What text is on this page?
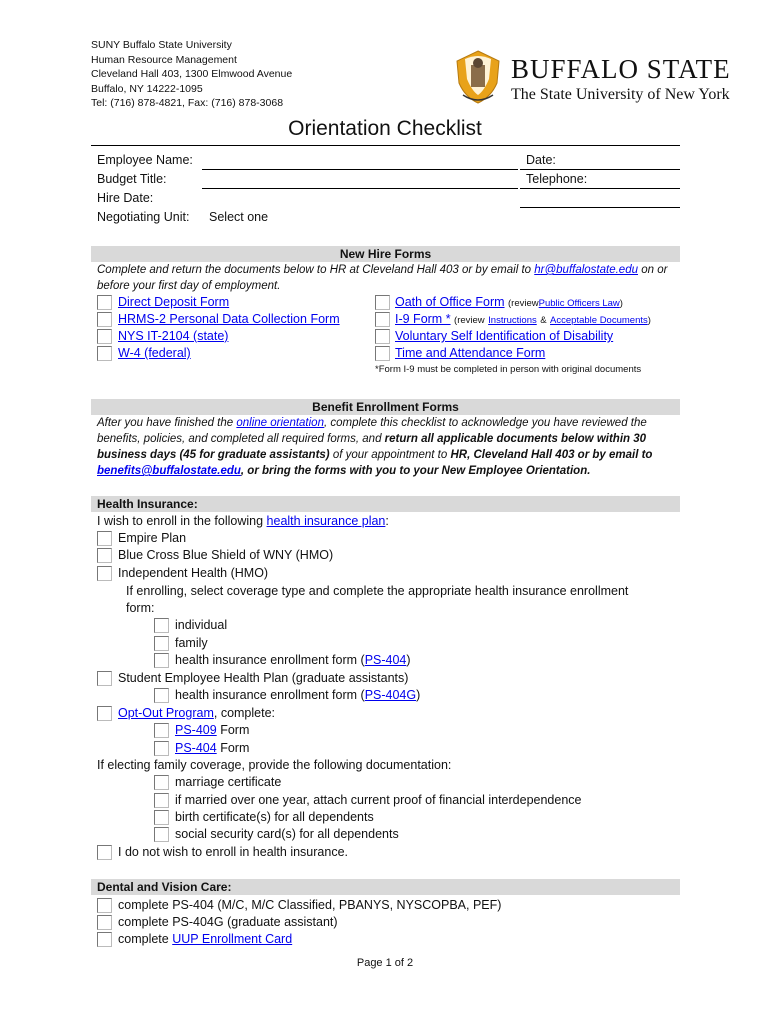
SUNY Buffalo State University
Human Resource Management
Cleveland Hall 403, 1300 Elmwood Avenue
Buffalo, NY 14222-1095
Tel: (716) 878-4821, Fax: (716) 878-3068
BUFFALO STATE
The State University of New York
Orientation Checklist
Employee Name:
Budget Title:
Hire Date:
Negotiating Unit: Select one
Date:
Telephone:
New Hire Forms
Complete and return the documents below to HR at Cleveland Hall 403 or by email to hr@buffalostate.edu on or
before your first day of employment.
Direct Deposit Form
HRMS-2 Personal Data Collection Form
NYS IT-2104 (state)
W-4 (federal)
Oath of Office Form (reviewPublic Officers Law)
I-9 Form * (review Instructions & Acceptable Documents)
Voluntary Self Identification of Disability
Time and Attendance Form
*Form I-9 must be completed in person with original documents
Benefit Enrollment Forms
After you have finished the online orientation, complete this checklist to acknowledge you have reviewed the
benefits, policies, and completed all required forms, and return all applicable documents below within 30
business days (45 for graduate assistants) of your appointment to HR, Cleveland Hall 403 or by email to
benefits@buffalostate.edu, or bring the forms with you to your New Employee Orientation.
Health Insurance:
I wish to enroll in the following health insurance plan:
Empire Plan
Blue Cross Blue Shield of WNY (HMO)
Independent Health (HMO)
If enrolling, select coverage type and complete the appropriate health insurance enrollment
form:
individual
family
health insurance enrollment form (PS-404)
Student Employee Health Plan (graduate assistants)
health insurance enrollment form (PS-404G)
Opt-Out Program, complete:
PS-409 Form
PS-404 Form
If electing family coverage, provide the following documentation:
marriage certificate
if married over one year, attach current proof of financial interdependence
birth certificate(s) for all dependents
social security card(s) for all dependents
I do not wish to enroll in health insurance.
Dental and Vision Care:
complete PS-404 (M/C, M/C Classified, PBANYS, NYSCOPBA, PEF)
complete PS-404G (graduate assistant)
complete UUP Enrollment Card
Page 1 of 2
